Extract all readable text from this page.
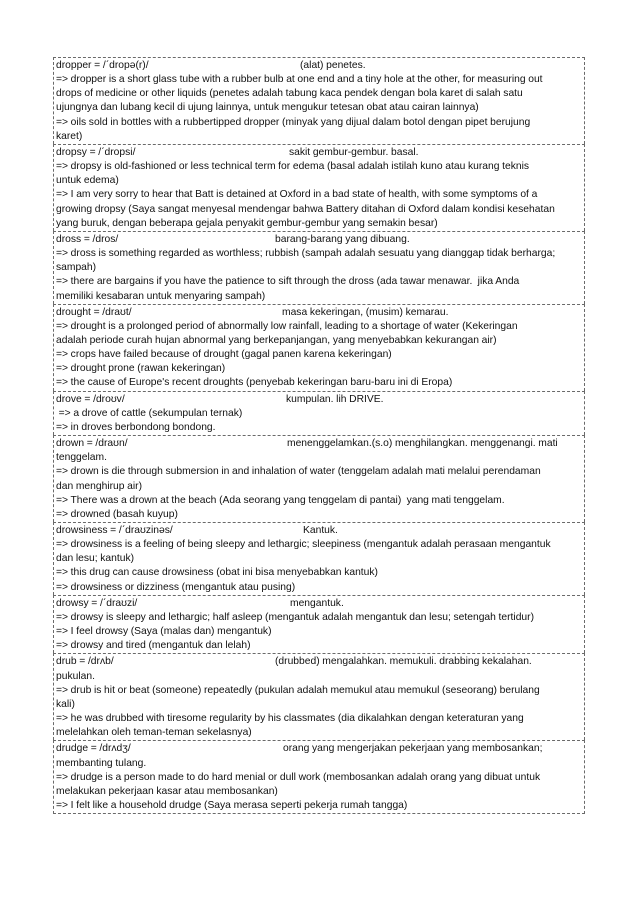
dropper = /ˊdropə(r)/	(alat) penetes.
=> dropper is a short glass tube with a rubber bulb at one end and a tiny hole at the other, for measuring out
drops of medicine or other liquids (penetes adalah tabung kaca pendek dengan bola karet di salah satu
ujungnya dan lubang kecil di ujung lainnya, untuk mengukur tetesan obat atau cairan lainnya)
=> oils sold in bottles with a rubbertipped dropper (minyak yang dijual dalam botol dengan pipet berujung
karet)
dropsy = /ˊdropsi/	sakit gembur-gembur. basal.
=> dropsy is old-fashioned or less technical term for edema (basal adalah istilah kuno atau kurang teknis
untuk edema)
=> I am very sorry to hear that Batt is detained at Oxford in a bad state of health, with some symptoms of a
growing dropsy (Saya sangat menyesal mendengar bahwa Battery ditahan di Oxford dalam kondisi kesehatan
yang buruk, dengan beberapa gejala penyakit gembur-gembur yang semakin besar)
dross = /dros/	barang-barang yang dibuang.
=> dross is something regarded as worthless; rubbish (sampah adalah sesuatu yang dianggap tidak berharga;
sampah)
=> there are bargains if you have the patience to sift through the dross (ada tawar menawar.  jika Anda
memiliki kesabaran untuk menyaring sampah)
drought = /draʊt/	masa kekeringan, (musim) kemarau.
=> drought is a prolonged period of abnormally low rainfall, leading to a shortage of water (Kekeringan
adalah periode curah hujan abnormal yang berkepanjangan, yang menyebabkan kekurangan air)
=> crops have failed because of drought (gagal panen karena kekeringan)
=> drought prone (rawan kekeringan)
=> the cause of Europe's recent droughts (penyebab kekeringan baru-baru ini di Eropa)
drove = /droʊv/	kumpulan. lih DRIVE.
=> a drove of cattle (sekumpulan ternak)
=> in droves berbondong bondong.
drown = /draʊn/	menenggelamkan.(s.o) menghilangkan. menggenangi. mati
tenggelam.
=> drown is die through submersion in and inhalation of water (tenggelam adalah mati melalui perendaman
dan menghirup air)
=> There was a drown at the beach (Ada seorang yang tenggelam di pantai)  yang mati tenggelam.
=> drowned (basah kuyup)
drowsiness = /ˊdraʊzinəs/	Kantuk.
=> drowsiness is a feeling of being sleepy and lethargic; sleepiness (mengantuk adalah perasaan mengantuk
dan lesu; kantuk)
=> this drug can cause drowsiness (obat ini bisa menyebabkan kantuk)
=> drowsiness or dizziness (mengantuk atau pusing)
drowsy = /ˊdraʊzi/	mengantuk.
=> drowsy is sleepy and lethargic; half asleep (mengantuk adalah mengantuk dan lesu; setengah tertidur)
=> I feel drowsy (Saya (malas dan) mengantuk)
=> drowsy and tired (mengantuk dan lelah)
drub = /drʌb/	(drubbed) mengalahkan. memukuli. drabbing kekalahan.
pukulan.
=> drub is hit or beat (someone) repeatedly (pukulan adalah memukul atau memukul (seseorang) berulang
kali)
=> he was drubbed with tiresome regularity by his classmates (dia dikalahkan dengan keteraturan yang
melelahkan oleh teman-teman sekelasnya)
drudge = /drʌdʒ/	orang yang mengerjakan pekerjaan yang membosankan;
membanting tulang.
=> drudge is a person made to do hard menial or dull work (membosankan adalah orang yang dibuat untuk
melakukan pekerjaan kasar atau membosankan)
=> I felt like a household drudge (Saya merasa seperti pekerja rumah tangga)
